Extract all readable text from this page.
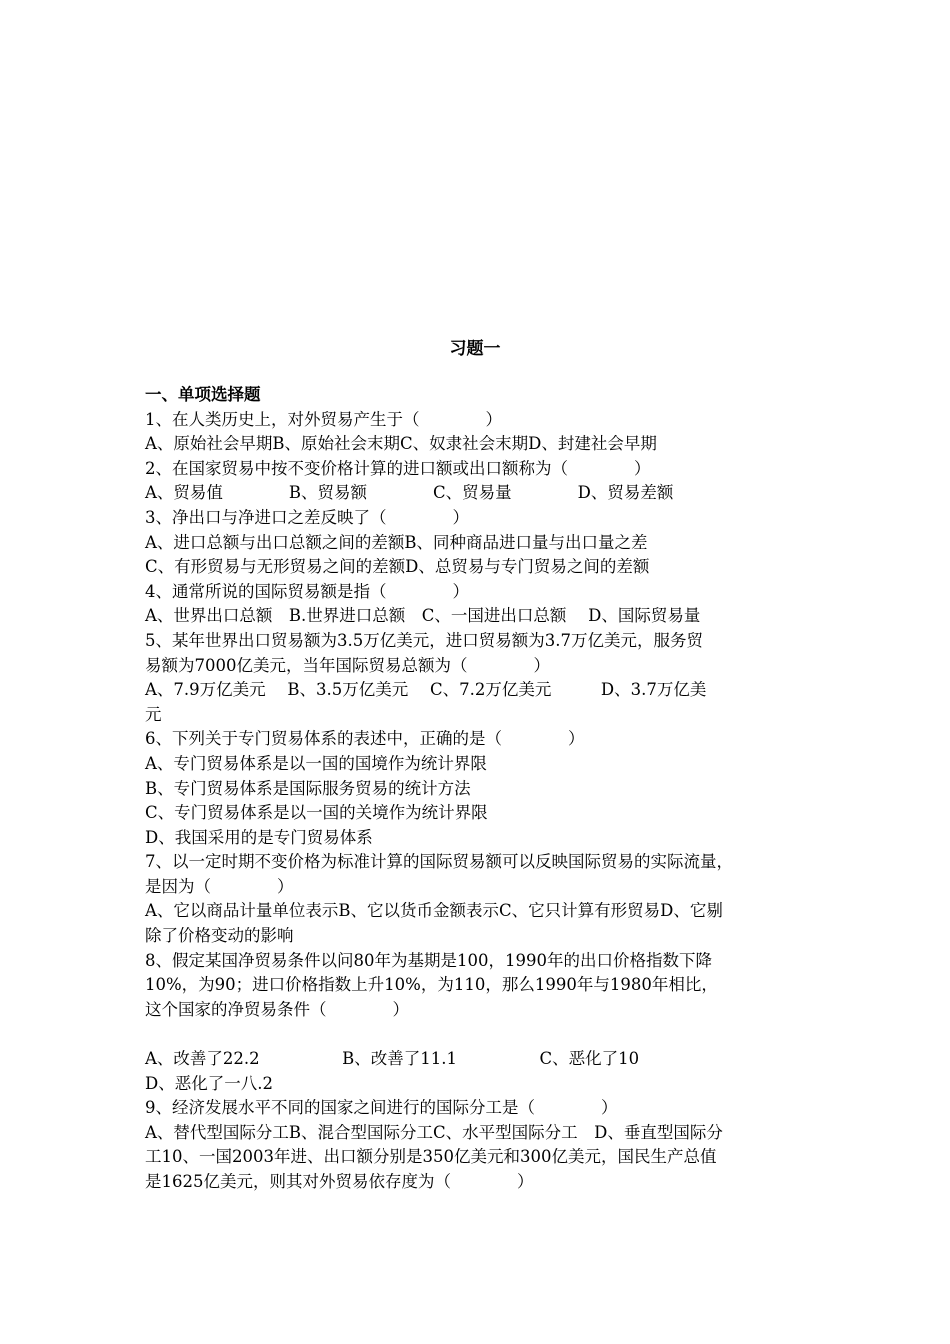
习题一
一、单项选择题
1、在人类历史上，对外贸易产生于（　　　　）
A、原始社会早期B、原始社会末期C、奴隶社会末期D、封建社会早期
2、在国家贸易中按不变价格计算的进口额或出口额称为（　　　　）
A、贸易值　　　　B、贸易额　　　　C、贸易量　　　　D、贸易差额
3、净出口与净进口之差反映了（　　　　）
A、进口总额与出口总额之间的差额B、同种商品进口量与出口量之差
C、有形贸易与无形贸易之间的差额D、总贸易与专门贸易之间的差额
4、通常所说的国际贸易额是指（　　　　）
A、世界出口总额　B.世界进口总额　C、一国进出口总额　 D、国际贸易量
5、某年世界出口贸易额为3.5万亿美元，进口贸易额为3.7万亿美元，服务贸
易额为7000亿美元，当年国际贸易总额为（　　　　）
A、7.9万亿美元　 B、3.5万亿美元　 C、7.2万亿美元　　　D、3.7万亿美
元
6、下列关于专门贸易体系的表述中，正确的是（　　　　）
A、专门贸易体系是以一国的国境作为统计界限
B、专门贸易体系是国际服务贸易的统计方法
C、专门贸易体系是以一国的关境作为统计界限
D、我国采用的是专门贸易体系
7、以一定时期不变价格为标准计算的国际贸易额可以反映国际贸易的实际流量，
是因为（　　　　）
A、它以商品计量单位表示B、它以货币金额表示C、它只计算有形贸易D、它剔
除了价格变动的影响
8、假定某国净贸易条件以问80年为基期是100，1990年的出口价格指数下降
10%，为90；进口价格指数上升10%，为110，那么1990年与1980年相比，
这个国家的净贸易条件（　　　　）
A、改善了22.2　　　　　B、改善了11.1　　　　　C、恶化了10
D、恶化了一八.2
9、经济发展水平不同的国家之间进行的国际分工是（　　　　）
A、替代型国际分工B、混合型国际分工C、水平型国际分工　D、垂直型国际分
工10、一国2003年进、出口额分别是350亿美元和300亿美元，国民生产总值
是1625亿美元，则其对外贸易依存度为（　　　　）
